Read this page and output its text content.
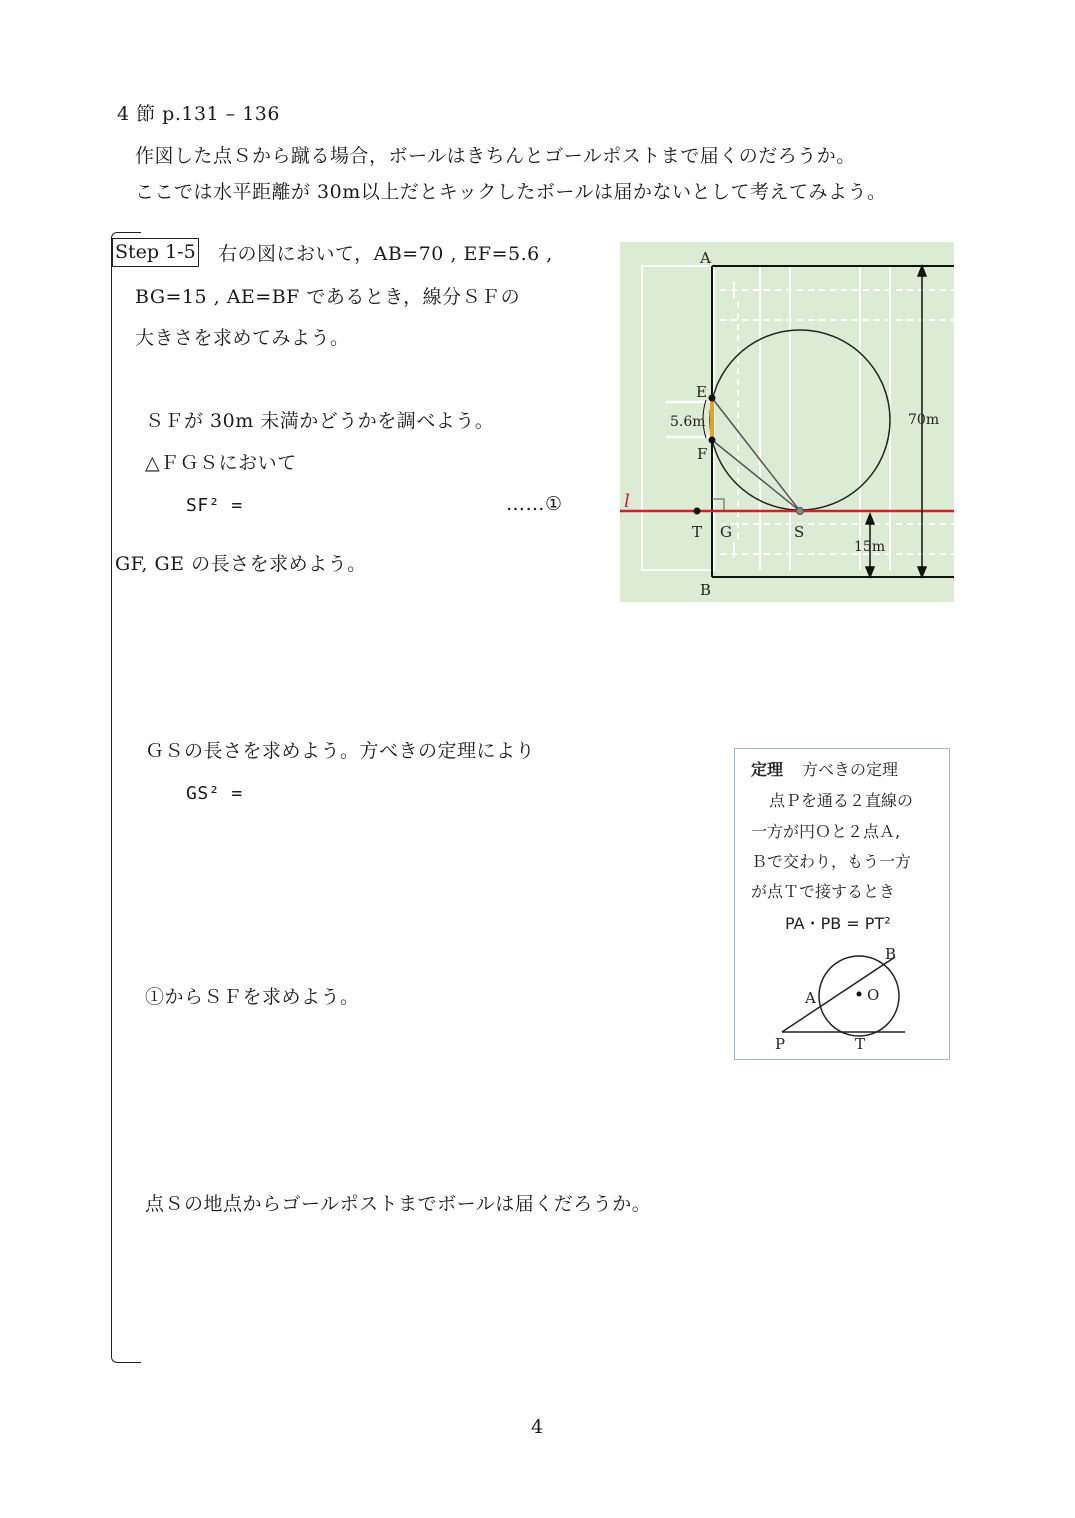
4 節 p.131 – 136
作図した点Ｓから蹴る場合，ボールはきちんとゴールポストまで届くのだろうか。
ここでは水平距離が 30m以上だとキックしたボールは届かないとして考えてみよう。
Step 1-5 右の図において，AB=70 , EF=5.6 ,
BG=15 , AE=BF であるとき，線分ＳＦの
大きさを求めてみよう。
ＳＦが 30m 未満かどうかを調べよう。
△ＦＧＳにおいて
SF² =	……①
GF, GE の長さを求めよう。
ＧＳの長さを求めよう。方べきの定理により
GS² =
①からＳＦを求めよう。
点Ｓの地点からゴールポストまでボールは届くだろうか。
A
B
E
F
T G	S
l
5.6m	70m
15m
定理 方べきの定理
点Ｐを通る２直線の
一方が円Ｏと２点Ａ,
Ｂで交わり，もう一方
が点Ｔで接するとき
PA・PB = PT²
O
A
B
P	T
4
